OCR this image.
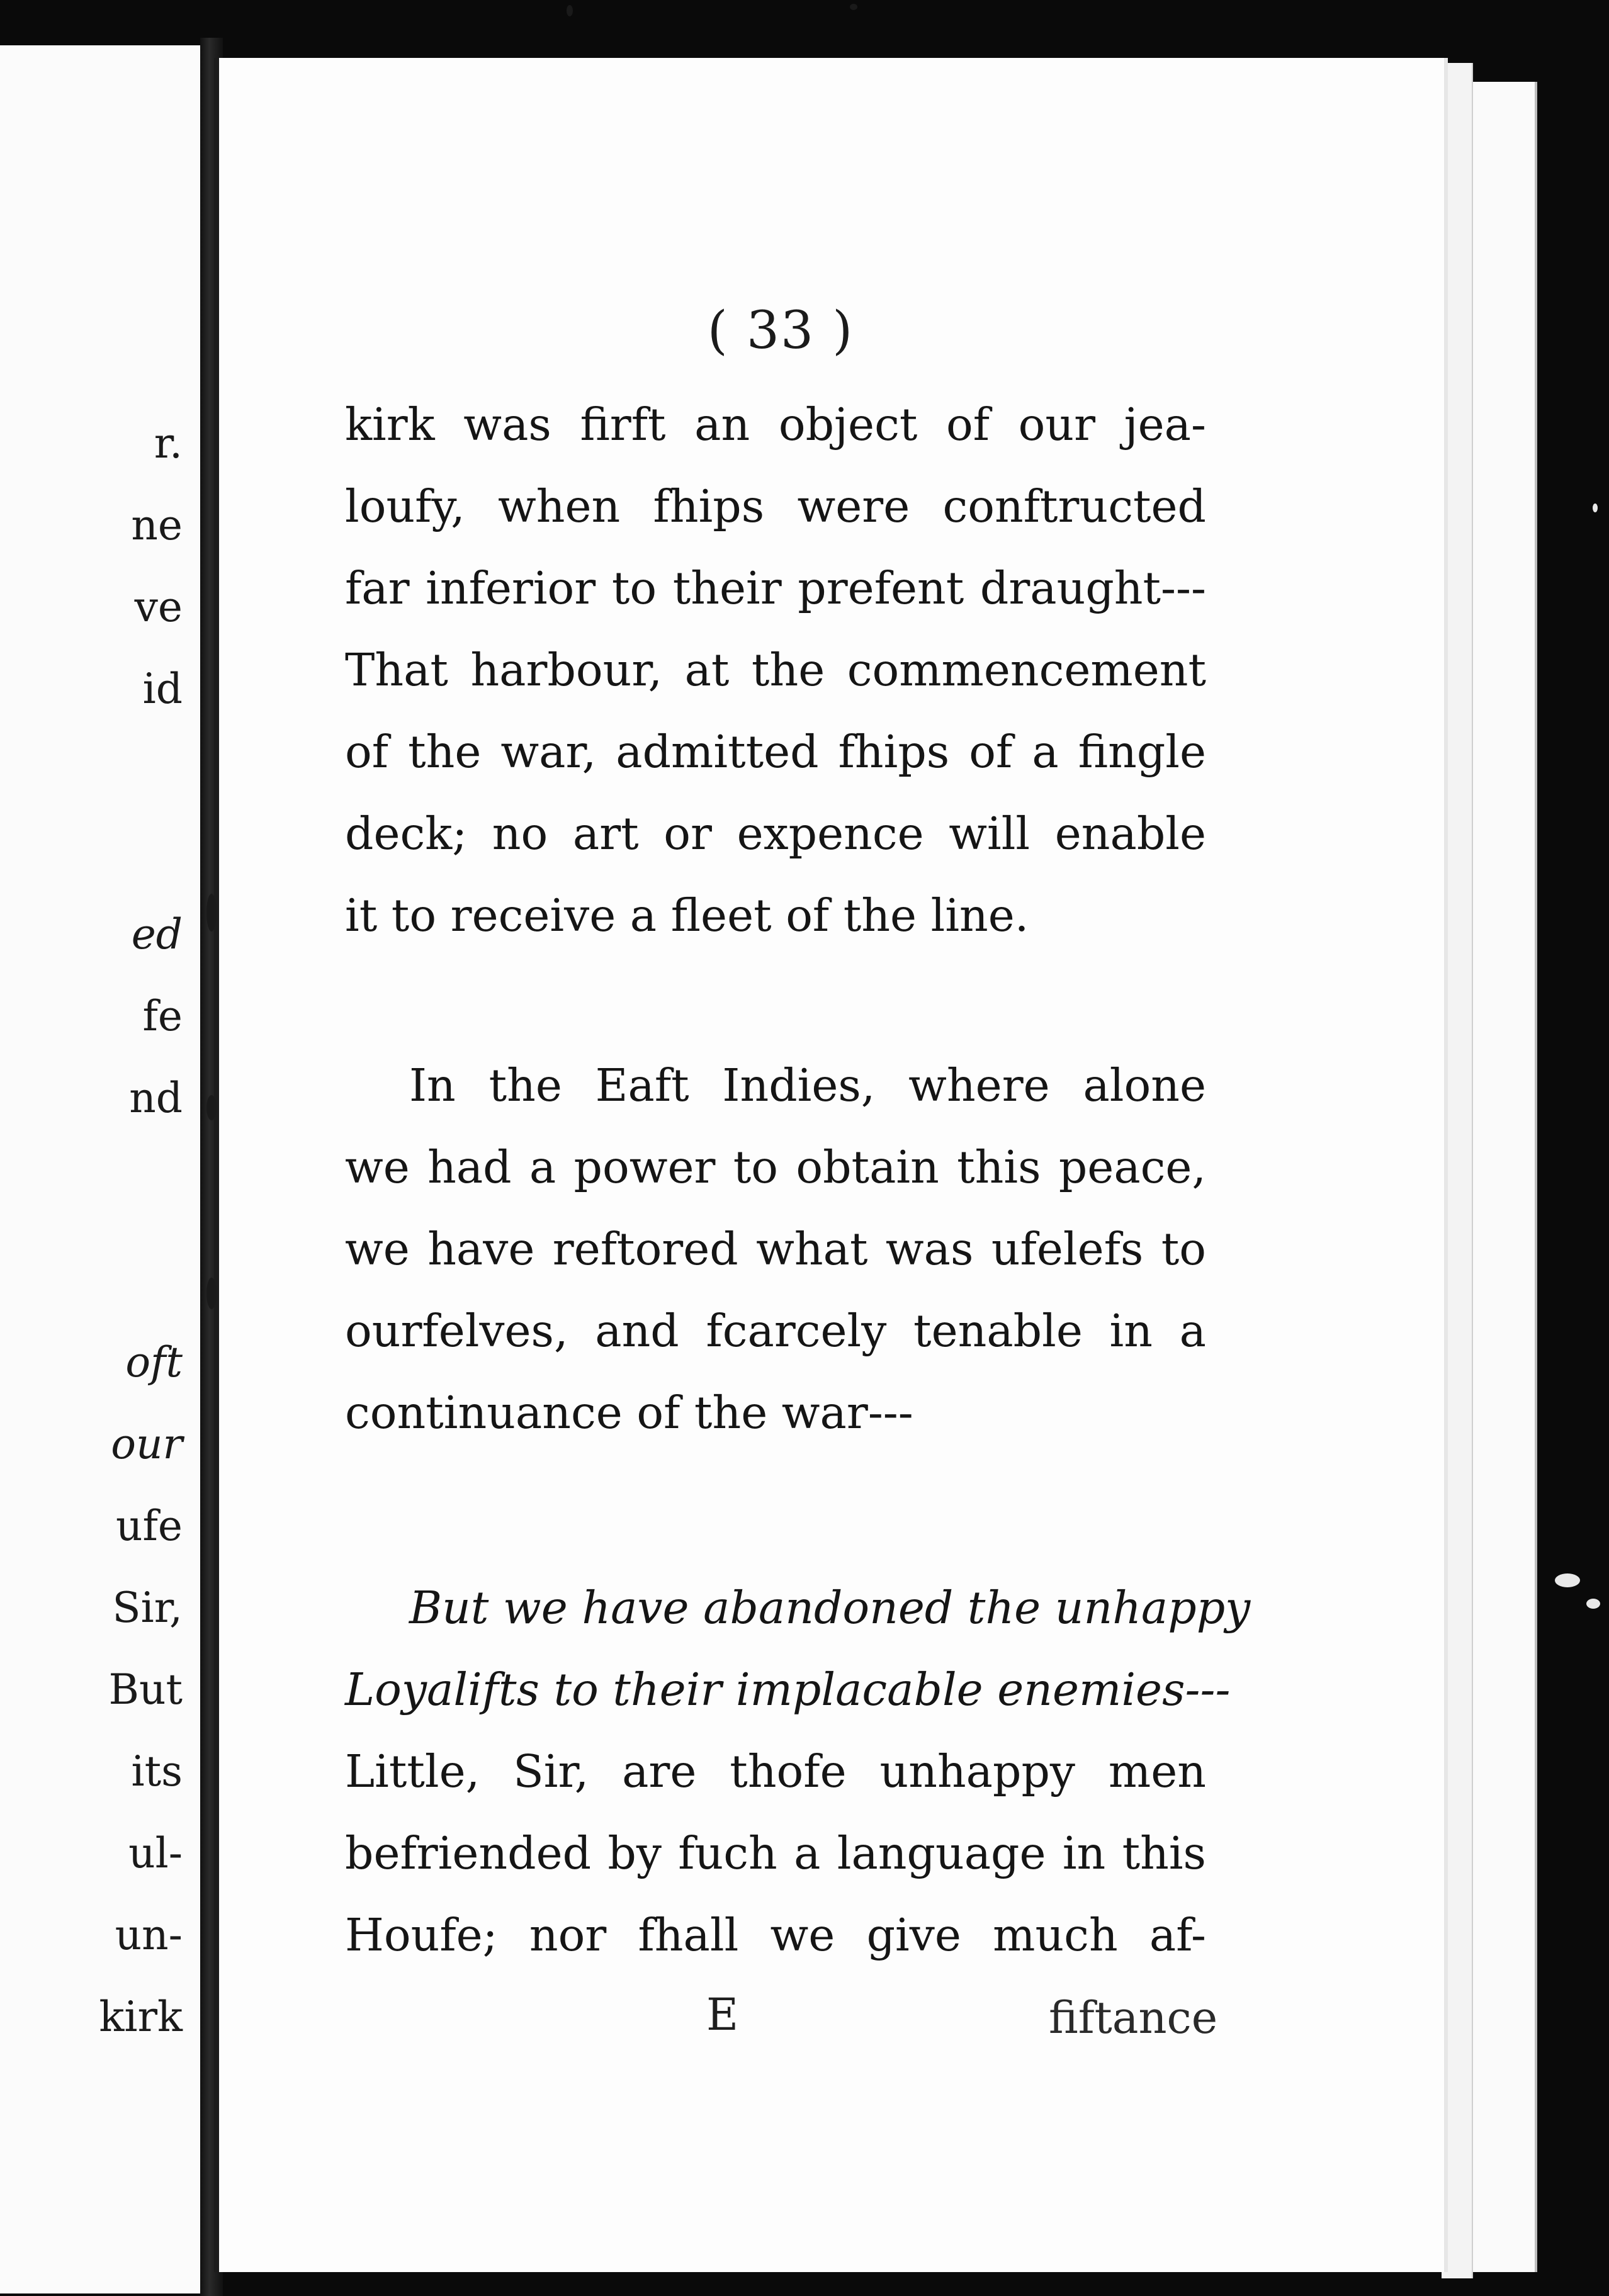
r.
ne
ve
id
ed
fe
nd
oft
our
ufe
Sir,
But
its
ul-
un-
kirk
( 33 )
kirk was firft an object of our jea-
loufy, when fhips were conftructed
far inferior to their prefent draught---
That harbour, at the commencement
of the war, admitted fhips of a fingle
deck; no art or expence will enable
it to receive a fleet of the line.
In the Eaft Indies, where alone
we had a power to obtain this peace,
we have reftored what was ufelefs to
ourfelves, and fcarcely tenable in a
continuance of the war---
But we have abandoned the unhappy
Loyalifts to their implacable enemies---
Little, Sir, are thofe unhappy men
befriended by fuch a language in this
Houfe; nor fhall we give much af-
E	fiftance
